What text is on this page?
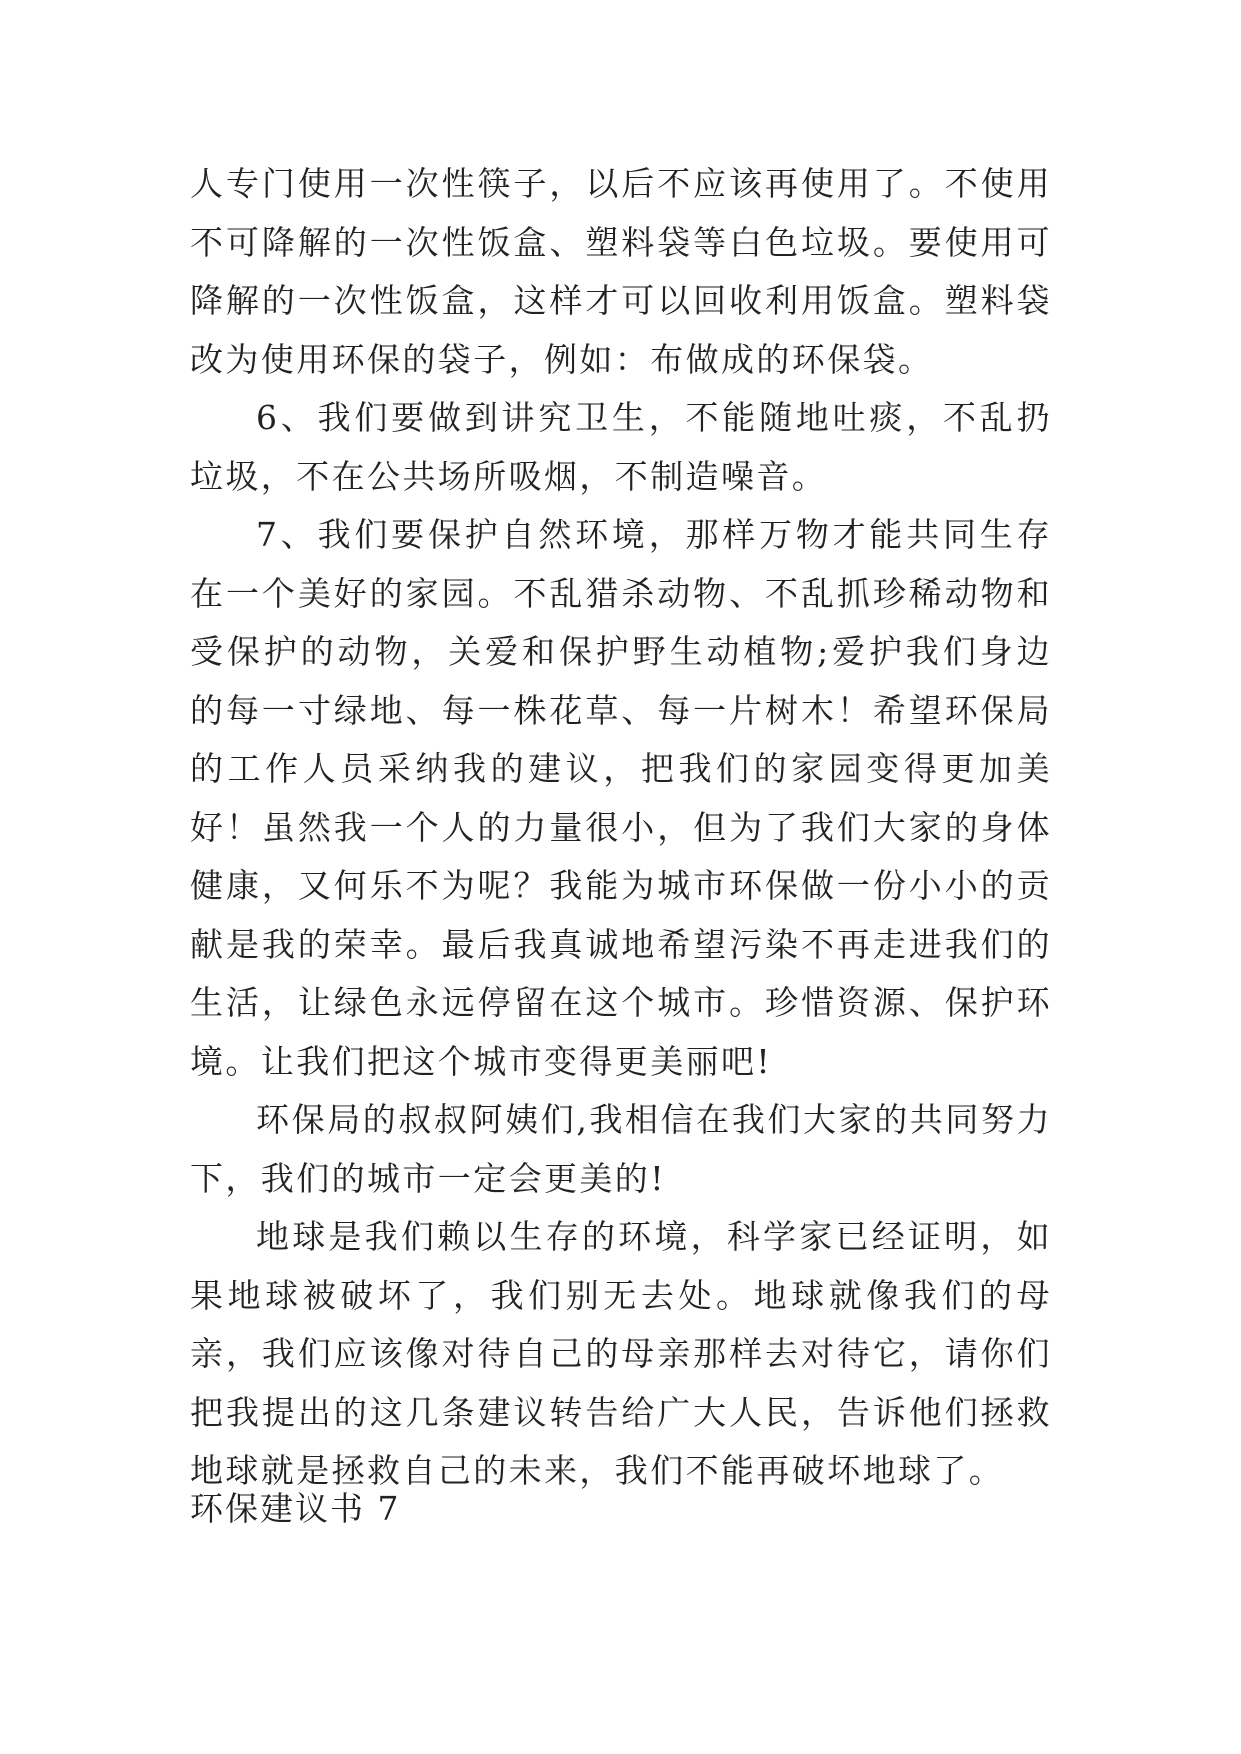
人专门使用一次性筷子，以后不应该再使用了。不使用不可降解的一次性饭盒、塑料袋等白色垃圾。要使用可降解的一次性饭盒，这样才可以回收利用饭盒。塑料袋改为使用环保的袋子，例如：布做成的环保袋。

6、我们要做到讲究卫生，不能随地吐痰，不乱扔垃圾，不在公共场所吸烟，不制造噪音。

7、我们要保护自然环境，那样万物才能共同生存在一个美好的家园。不乱猎杀动物、不乱抓珍稀动物和受保护的动物，关爱和保护野生动植物;爱护我们身边的每一寸绿地、每一株花草、每一片树木！希望环保局的工作人员采纳我的建议，把我们的家园变得更加美好！虽然我一个人的力量很小，但为了我们大家的身体健康，又何乐不为呢？我能为城市环保做一份小小的贡献是我的荣幸。最后我真诚地希望污染不再走进我们的生活，让绿色永远停留在这个城市。珍惜资源、保护环境。让我们把这个城市变得更美丽吧!

环保局的叔叔阿姨们,我相信在我们大家的共同努力下，我们的城市一定会更美的!

地球是我们赖以生存的环境，科学家已经证明，如果地球被破坏了，我们别无去处。地球就像我们的母亲，我们应该像对待自己的母亲那样去对待它，请你们把我提出的这几条建议转告给广大人民，告诉他们拯救地球就是拯救自己的未来，我们不能再破坏地球了。

环保建议书 7
